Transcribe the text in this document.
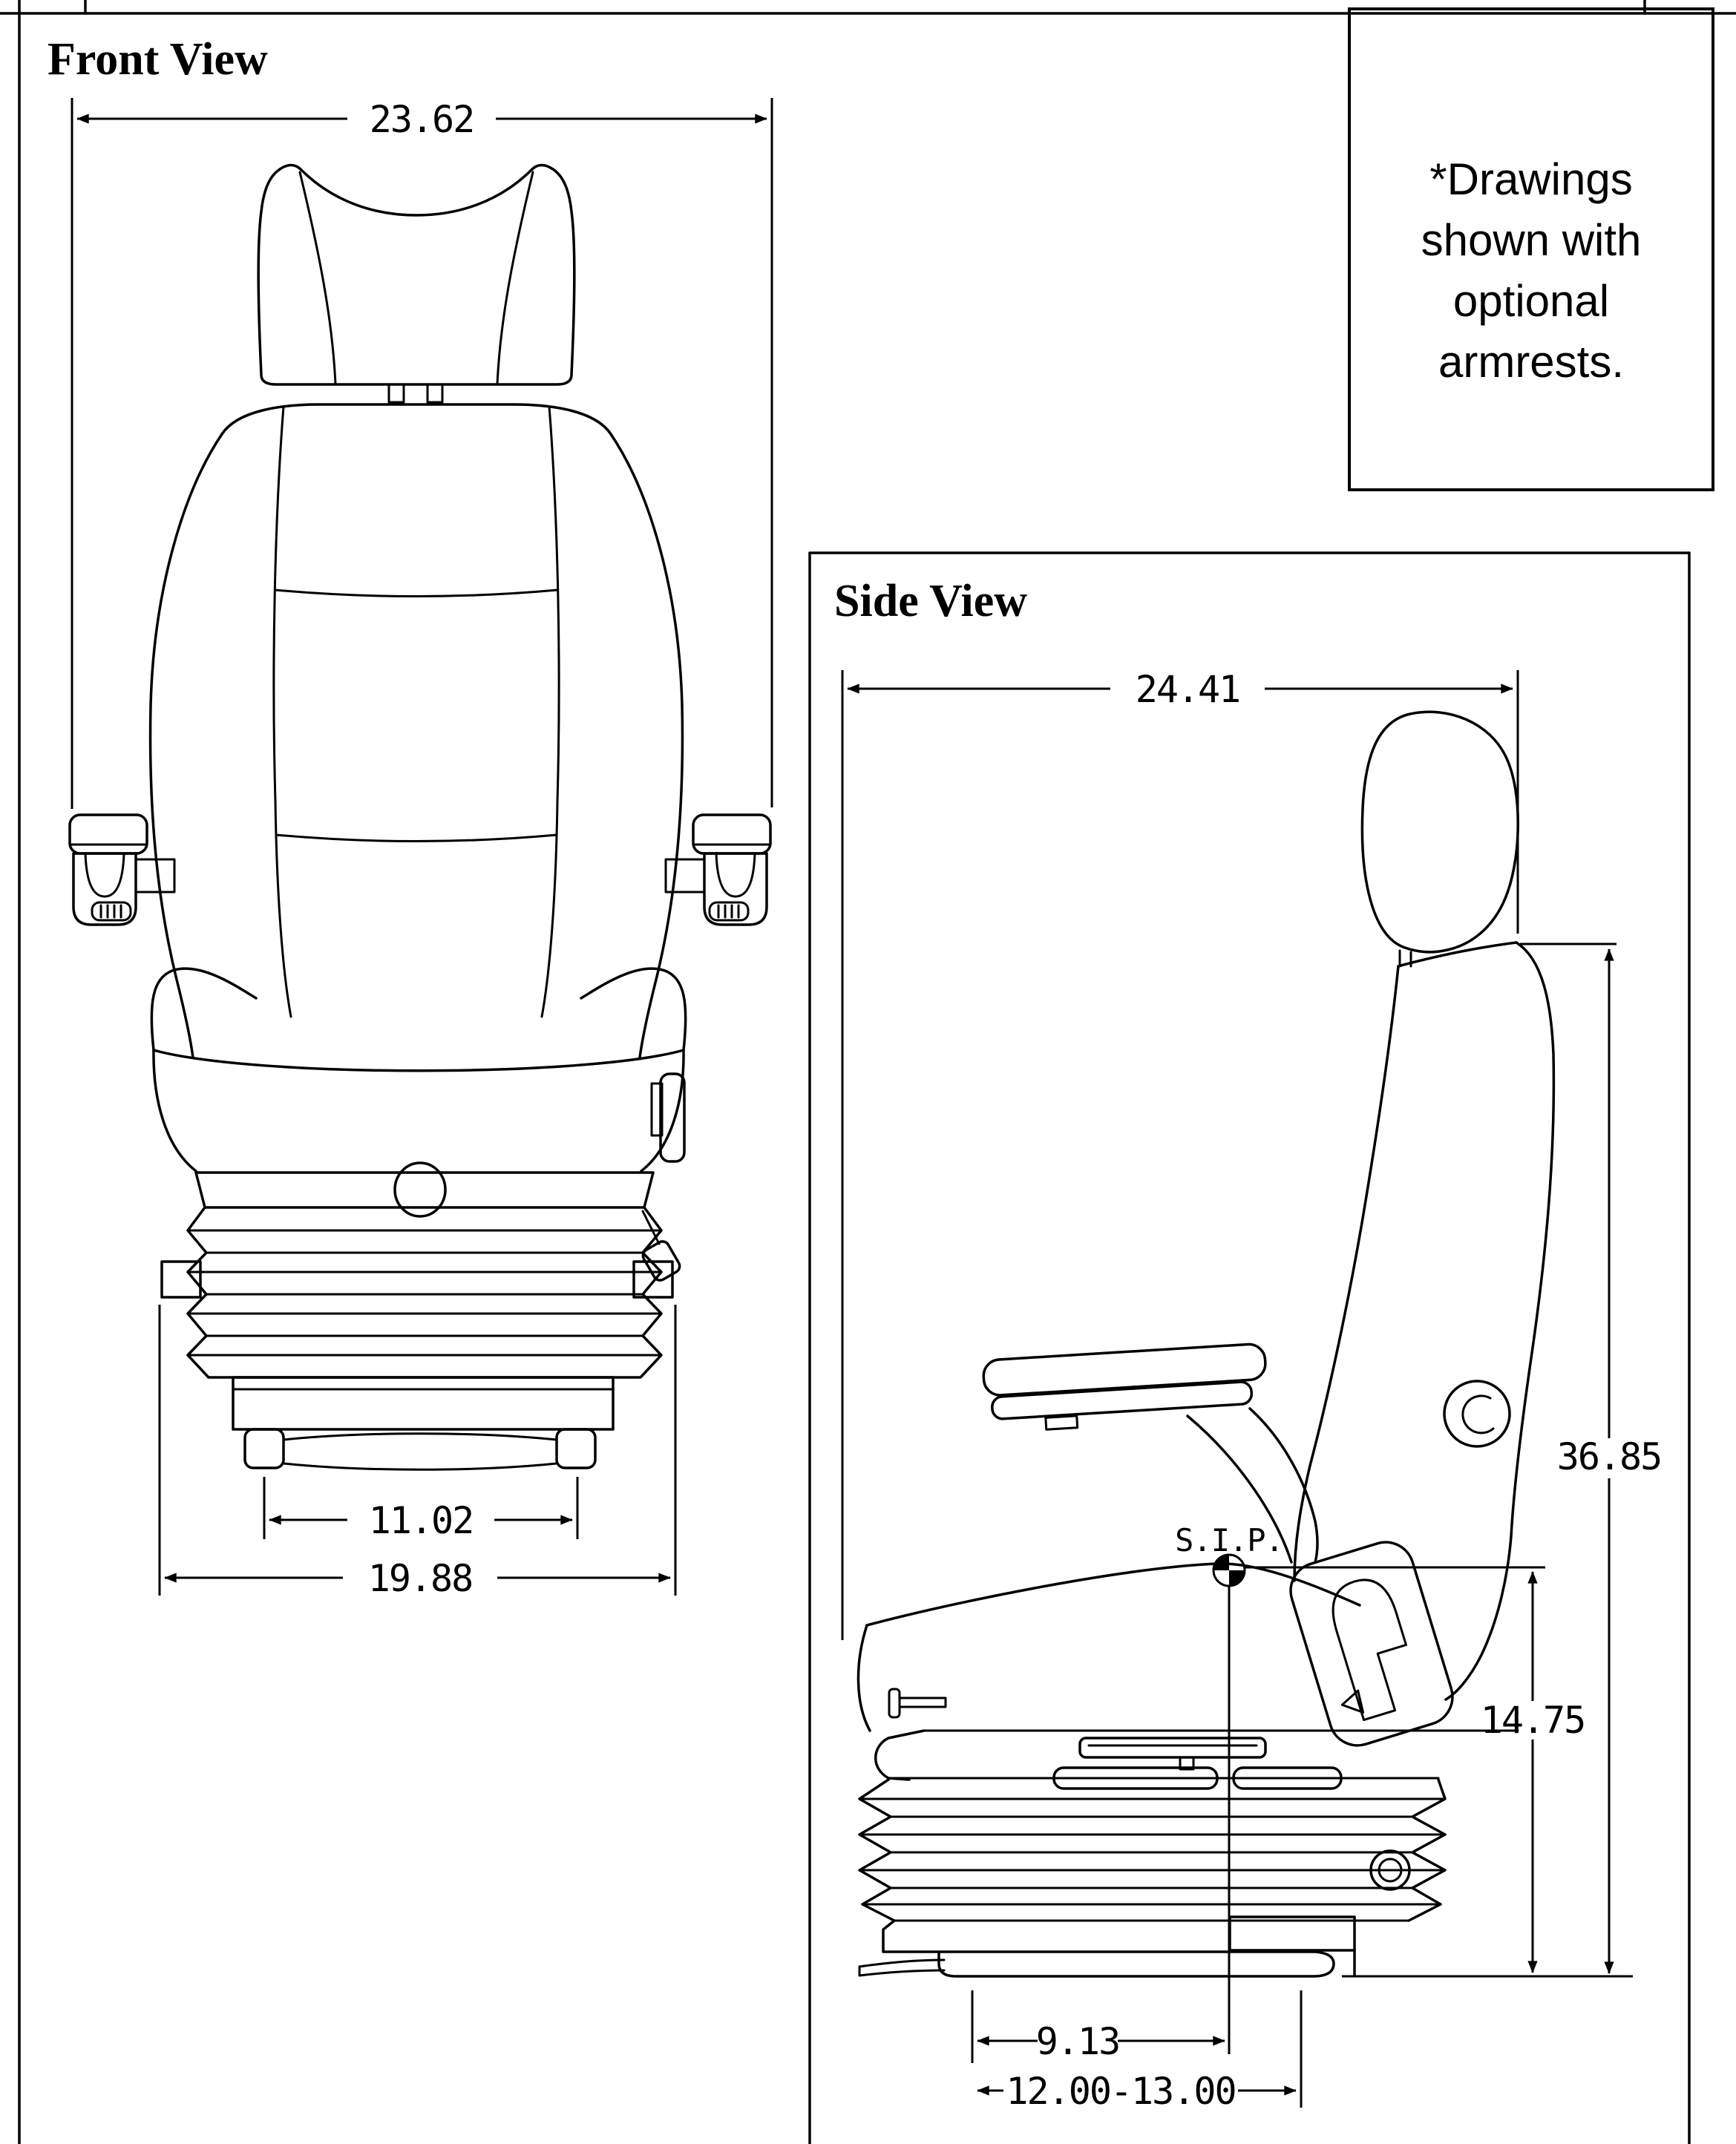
*Drawings
shown with
optional
armrests.
Front View
23.62
11.02
19.88
Side View
24.41
S.I.P.
36.85
14.75
9.13
12.00-13.00
